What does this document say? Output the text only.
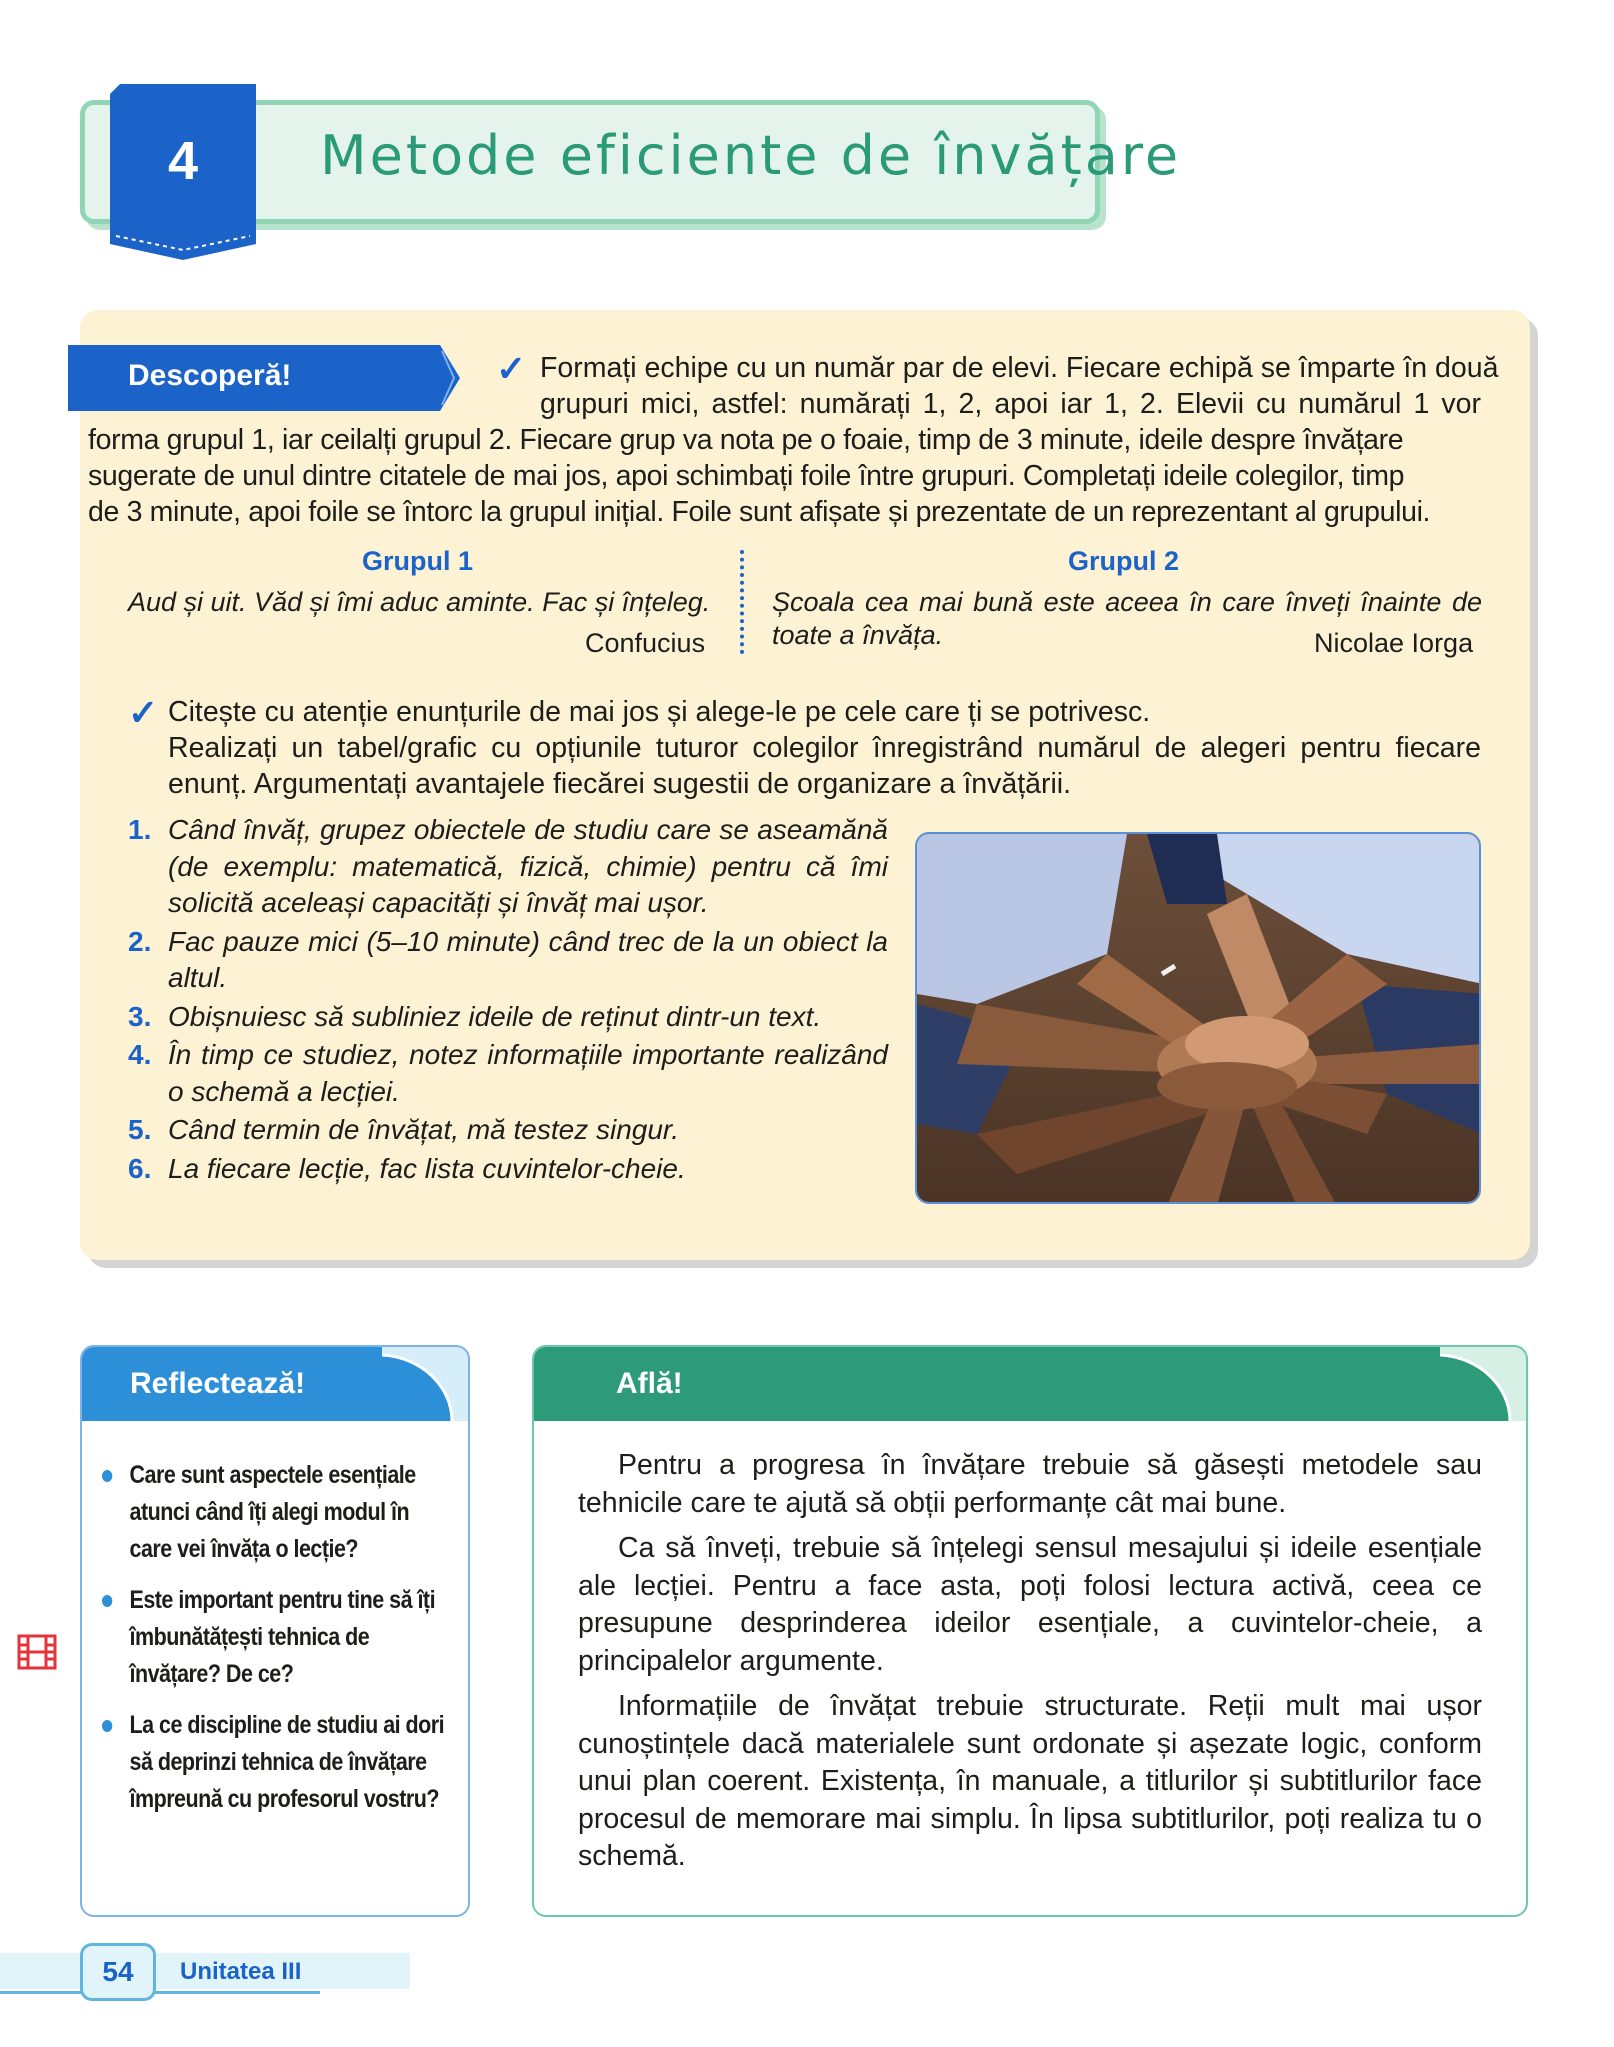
Metode eficiente de învățare
4
Descoperă!	✓ Formați echipe cu un număr par de elevi. Fiecare echipă se împarte în două
grupuri mici, astfel: numărați 1, 2, apoi iar 1, 2. Elevii cu numărul 1 vor
forma grupul 1, iar ceilalți grupul 2. Fiecare grup va nota pe o foaie, timp de 3 minute, ideile despre învățare
sugerate de unul dintre citatele de mai jos, apoi schimbați foile între grupuri. Completați ideile colegilor, timp
de 3 minute, apoi foile se întorc la grupul inițial. Foile sunt afișate și prezentate de un reprezentant al grupului.
Grupul 1
Aud și uit. Văd și îmi aduc aminte. Fac și înțeleg.
Confucius
Grupul 2
Școala cea mai bună este aceea în care înveți înainte de
toate a învăța.	Nicolae Iorga
✓ Citește cu atenție enunțurile de mai jos și alege-le pe cele care ți se potrivesc.
Realizați un tabel/grafic cu opțiunile tuturor colegilor înregistrând numărul de alegeri pentru fiecare
enunț. Argumentați avantajele fiecărei sugestii de organizare a învățării.
1. Când învăț, grupez obiectele de studiu care se aseamănă (de exemplu: matematică, fizică, chimie) pentru că îmi solicită aceleași capacități și învăț mai ușor.
2. Fac pauze mici (5–10 minute) când trec de la un obiect la altul.
3. Obișnuiesc să subliniez ideile de reținut dintr-un text.
4. În timp ce studiez, notez informațiile importante realizând o schemă a lecției.
5. Când termin de învățat, mă testez singur.
6. La fiecare lecție, fac lista cuvintelor-cheie.
Reflectează!
Care sunt aspectele esențiale atunci când îți alegi modul în care vei învăța o lecție?
Este important pentru tine să îți îmbunătățești tehnica de învățare? De ce?
La ce discipline de studiu ai dori să deprinzi tehnica de învățare împreună cu profesorul vostru?
Află!

Pentru a progresa în învățare trebuie să găsești metodele sau tehnicile care te ajută să obții performanțe cât mai bune.

Ca să înveți, trebuie să înțelegi sensul mesajului și ideile esențiale ale lecției. Pentru a face asta, poți folosi lectura activă, ceea ce presupune desprinderea ideilor esențiale, a cuvintelor-cheie, a principalelor argumente.

Informațiile de învățat trebuie structurate. Reții mult mai ușor cunoștințele dacă materialele sunt ordonate și așezate logic, conform unui plan coerent. Existența, în manuale, a titlurilor și subtitlurilor face procesul de memorare mai simplu. În lipsa subtitlurilor, poți realiza tu o schemă.

54	Unitatea III
